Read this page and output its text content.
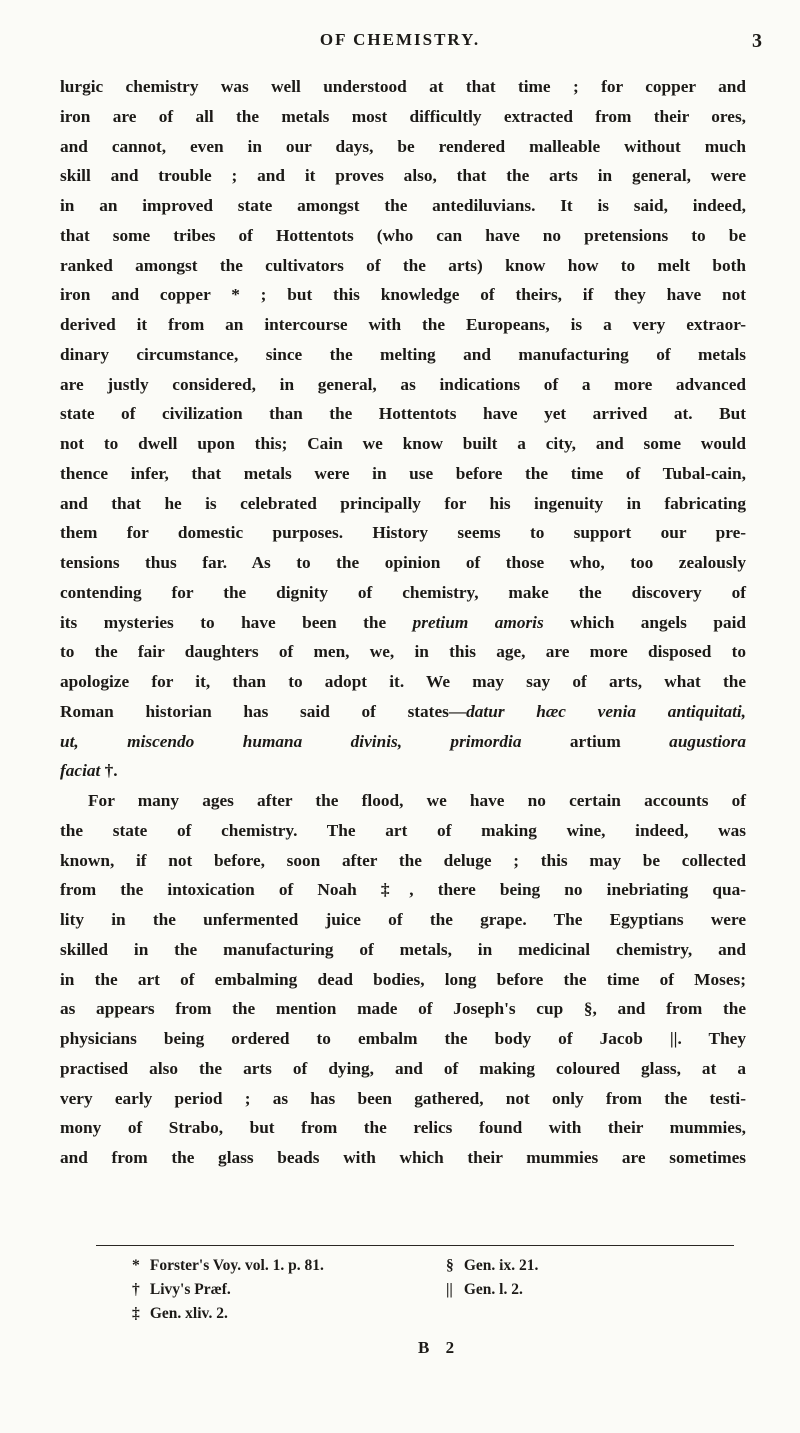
OF CHEMISTRY.	3
lurgic chemistry was well understood at that time ; for copper and
iron are of all the metals most difficultly extracted from their ores,
and cannot, even in our days, be rendered malleable without much
skill and trouble ; and it proves also, that the arts in general, were
in an improved state amongst the antediluvians. It is said, indeed,
that some tribes of Hottentots (who can have no pretensions to be
ranked amongst the cultivators of the arts) know how to melt both
iron and copper * ; but this knowledge of theirs, if they have not
derived it from an intercourse with the Europeans, is a very extraor-
dinary circumstance, since the melting and manufacturing of metals
are justly considered, in general, as indications of a more advanced
state of civilization than the Hottentots have yet arrived at. But
not to dwell upon this; Cain we know built a city, and some would
thence infer, that metals were in use before the time of Tubal-cain,
and that he is celebrated principally for his ingenuity in fabricating
them for domestic purposes. History seems to support our pre-
tensions thus far. As to the opinion of those who, too zealously
contending for the dignity of chemistry, make the discovery of
its mysteries to have been the pretium amoris which angels paid
to the fair daughters of men, we, in this age, are more disposed to
apologize for it, than to adopt it. We may say of arts, what the
Roman historian has said of states—datur hæc venia antiquitati,
ut, miscendo humana divinis, primordia artium augustiora
faciat †.
For many ages after the flood, we have no certain accounts of
the state of chemistry. The art of making wine, indeed, was
known, if not before, soon after the deluge ; this may be collected
from the intoxication of Noah ‡, there being no inebriating qua-
lity in the unfermented juice of the grape. The Egyptians were
skilled in the manufacturing of metals, in medicinal chemistry, and
in the art of embalming dead bodies, long before the time of Moses;
as appears from the mention made of Joseph's cup §, and from the
physicians being ordered to embalm the body of Jacob ||. They
practised also the arts of dying, and of making coloured glass, at a
very early period ; as has been gathered, not only from the testi-
mony of Strabo, but from the relics found with their mummies,
and from the glass beads with which their mummies are sometimes
* Forster's Voy. vol. 1. p. 81.
† Livy's Præf.
‡ Gen. xliv. 2.
§ Gen. ix. 21.
|| Gen. l. 2.
B 2
